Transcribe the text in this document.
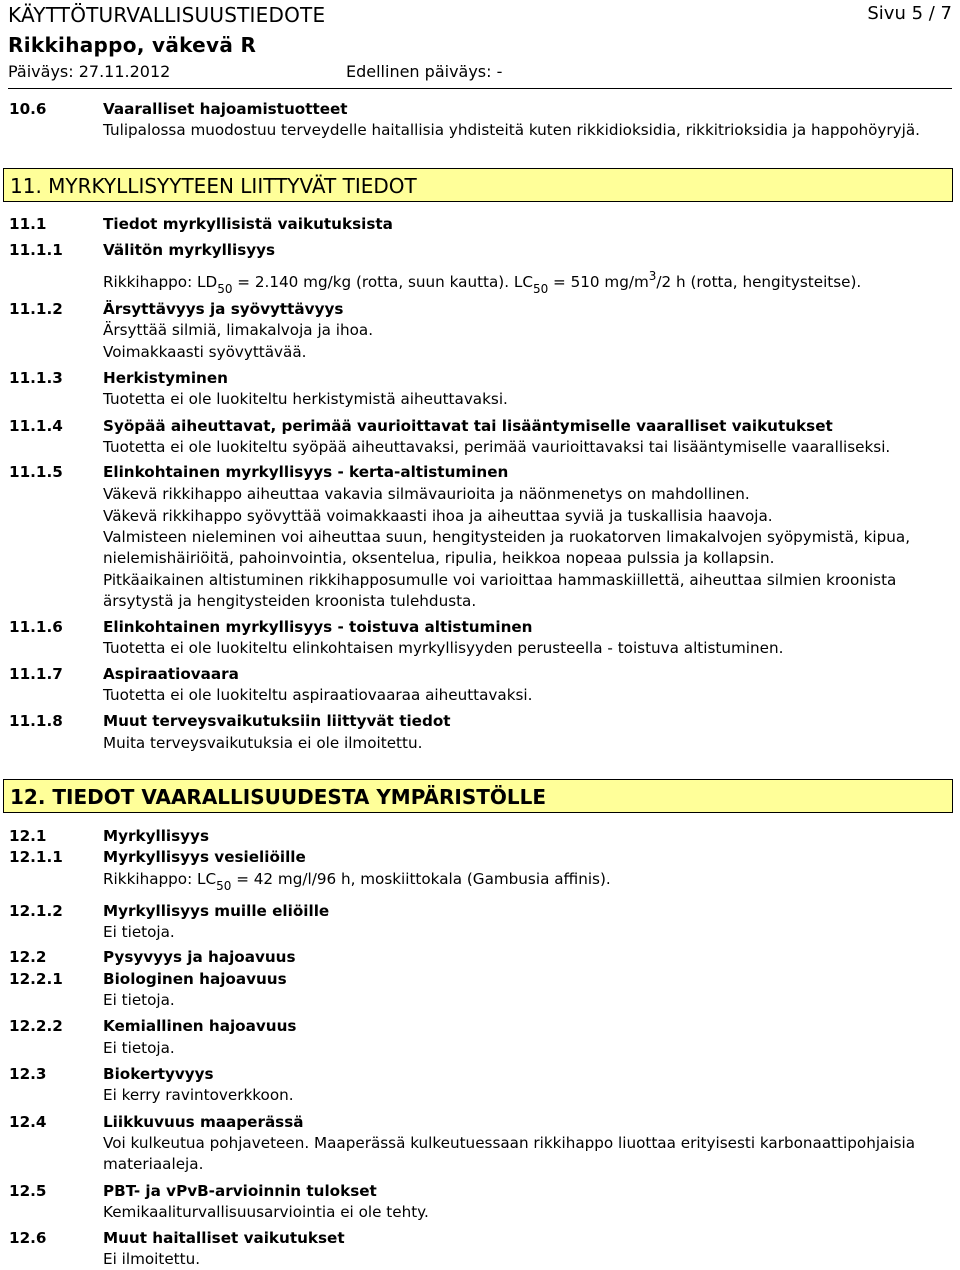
KÄYTTÖTURVALLISUUSTIEDOTE	Sivu 5 / 7
Rikkihappo, väkevä R
Päiväys: 27.11.2012	Edellinen päiväys: -
10.6	Vaaralliset hajoamistuotteet
Tulipalossa muodostuu terveydelle haitallisia yhdisteitä kuten rikkidioksidia, rikkitrioksidia ja happohöyryjä.
11. MYRKYLLISYYTEEN LIITTYVÄT TIEDOT
11.1	Tiedot myrkyllisistä vaikutuksista
11.1.1	Välitön myrkyllisyys
Rikkihappo: $LD_{50} = 2.140$ mg/kg (rotta, suun kautta). $LC_{50} = 510$ $mg/m^3/2$ h (rotta, hengitysteitse).
11.1.2	Ärsyttävyys ja syövyttävyys
Ärsyttää silmiä, limakalvoja ja ihoa.
Voimakkaasti syövyttävää.
11.1.3	Herkistyminen
Tuotetta ei ole luokiteltu herkistymistä aiheuttavaksi.
11.1.4	Syöpää aiheuttavat, perimää vaurioittavat tai lisääntymiselle vaaralliset vaikutukset
Tuotetta ei ole luokiteltu syöpää aiheuttavaksi, perimää vaurioittavaksi tai lisääntymiselle vaaralliseksi.
11.1.5	Elinkohtainen myrkyllisyys - kerta-altistuminen
Väkevä rikkihappo aiheuttaa vakavia silmävaurioita ja näönmenetys on mahdollinen.
Väkevä rikkihappo syövyttää voimakkaasti ihoa ja aiheuttaa syviä ja tuskallisia haavoja.
Valmisteen nieleminen voi aiheuttaa suun, hengitysteiden ja ruokatorven limakalvojen syöpymistä, kipua, nielemishäiriöitä, pahoinvointia, oksentelua, ripulia, heikkoa nopeaa pulssia ja kollapsin.
Pitkäaikainen altistuminen rikkihapposumulle voi varioittaa hammaskiillettä, aiheuttaa silmien kroonista ärsytystä ja hengitysteiden kroonista tulehdusta.
11.1.6	Elinkohtainen myrkyllisyys - toistuva altistuminen
Tuotetta ei ole luokiteltu elinkohtaisen myrkyllisyyden perusteella - toistuva altistuminen.
11.1.7	Aspiraatiovaara
Tuotetta ei ole luokiteltu aspiraatiovaaraa aiheuttavaksi.
11.1.8	Muut terveysvaikutuksiin liittyvät tiedot
Muita terveysvaikutuksia ei ole ilmoitettu.
12. TIEDOT VAARALLISUUDESTA YMPÄRISTÖLLE
12.1	Myrkyllisyys
12.1.1	Myrkyllisyys vesieliöille
Rikkihappo: $LC_{50} = 42$ mg/l/96 h, moskiittokala (Gambusia affinis).
12.1.2	Myrkyllisyys muille eliöille
Ei tietoja.
12.2	Pysyvyys ja hajoavuus
12.2.1	Biologinen hajoavuus
Ei tietoja.
12.2.2	Kemiallinen hajoavuus
Ei tietoja.
12.3	Biokertyvyys
Ei kerry ravintoverkkoon.
12.4	Liikkuvuus maaperässä
Voi kulkeutua pohjaveteen. Maaperässä kulkeutuessaan rikkihappo liuottaa erityisesti karbonaattipohjaisia materiaaleja.
12.5	PBT- ja vPvB-arvioinnin tulokset
Kemikaaliturvallisuusarviointia ei ole tehty.
12.6	Muut haitalliset vaikutukset
Ei ilmoitettu.
